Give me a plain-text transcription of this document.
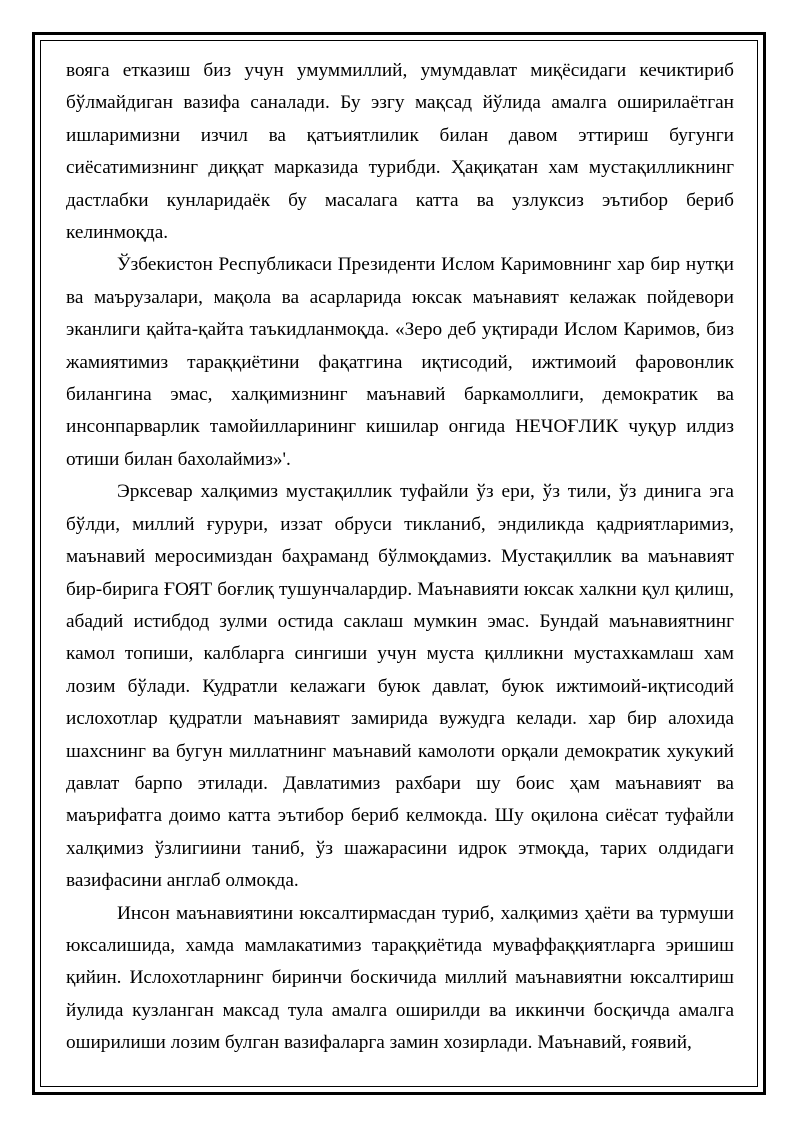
вояга етказиш биз учун умуммиллий, умумдавлат миқёсидаги кечиктириб бўлмайдиган вазифа саналади. Бу эзгу мақсад йўлида амалга оширилаётган ишларимизни изчил ва қатъиятлилик билан давом эттириш бугунги сиёсатимизнинг диққат марказида турибди. Ҳақиқатан хам мустақилликнинг дастлабки кунларидаёк бу масалага катта ва узлуксиз эътибор бериб келинмоқда.

Ўзбекистон Республикаси Президенти Ислом Каримовнинг хар бир нутқи ва маърузалари, мақола ва асарларида юксак маънавият келажак пойдевори эканлиги қайта-қайта таъкидланмоқда. «Зеро деб уқтиради Ислом Каримов, биз жамиятимиз тараққиётини фақатгина иқтисодий, ижтимоий фаровонлик билангина эмас, халқимизнинг маънавий баркамоллиги, демократик ва инсонпарварлик тамойилларининг кишилар онгида НЕЧОҒЛИК чуқур илдиз отиши билан бахолаймиз»'.

Эрксевар халқимиз мустақиллик туфайли ўз ери, ўз тили, ўз динига эга бўлди, миллий ғурури, иззат обруси тикланиб, эндиликда қадриятларимиз, маънавий меросимиздан баҳраманд бўлмоқдамиз. Мустақиллик ва маънавият бир-бирига ҒОЯТ боғлиқ тушунчалардир. Маънавияти юксак халкни қул қилиш, абадий истибдод зулми остида саклаш мумкин эмас. Бундай маънавиятнинг камол топиши, калбларга сингиши учун муста қилликни мустахкамлаш хам лозим бўлади. Кудратли келажаги буюк давлат, буюк ижтимоий-иқтисодий ислохотлар қудратли маънавият замирида вужудга келади. хар бир алохида шахснинг ва бугун миллатнинг маънавий камолоти орқали демократик хукукий давлат барпо этилади. Давлатимиз рахбари шу боис ҳам маънавият ва маърифатга доимо катта эътибор бериб келмокда. Шу оқилона сиёсат туфайли халқимиз ўзлигиини таниб, ўз шажарасини идрок этмоқда, тарих олдидаги вазифасини англаб олмокда.

Инсон маънавиятини юксалтирмасдан туриб, халқимиз ҳаёти ва турмуши юксалишида, хамда мамлакатимиз тараққиётида муваффаққиятларга эришиш қийин. Ислохотларнинг биринчи боскичида миллий маънавиятни юксалтириш йулида кузланган максад тула амалга оширилди ва иккинчи босқичда амалга оширилиши лозим булган вазифаларга замин хозирлади. Маънавий, ғоявий,
